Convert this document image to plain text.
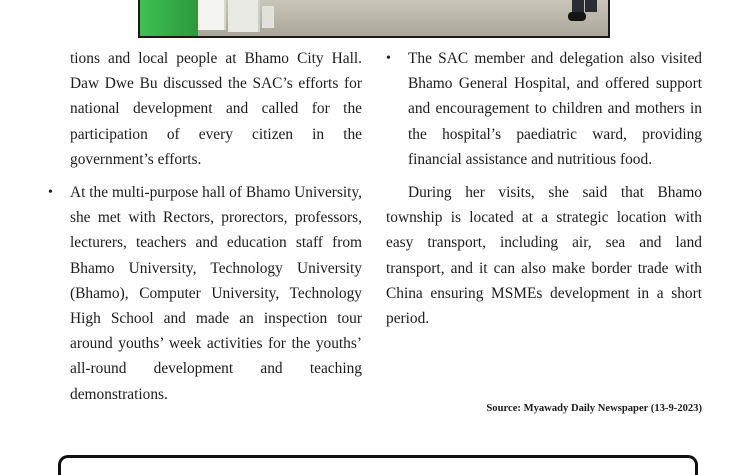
tions and local people at Bhamo City Hall. Daw Dwe Bu discussed the SAC’s efforts for national development and called for the participation of every citizen in the government’s efforts.

• At the multi-purpose hall of Bhamo University, she met with Rectors, prorectors, professors, lecturers, teachers and education staff from Bhamo University, Technology University (Bhamo), Computer University, Technology High School and made an inspection tour around youths’ week activities for the youths’ all-round development and teaching demonstrations.

• The SAC member and delegation also visited Bhamo General Hospital, and offered support and encouragement to children and mothers in the hospital’s paediatric ward, providing financial assistance and nutritious food.

During her visits, she said that Bhamo township is located at a strategic location with easy transport, including air, sea and land transport, and it can also make border trade with China ensuring MSMEs development in a short period.

Source: Myawady Daily Newspaper (13-9-2023)
